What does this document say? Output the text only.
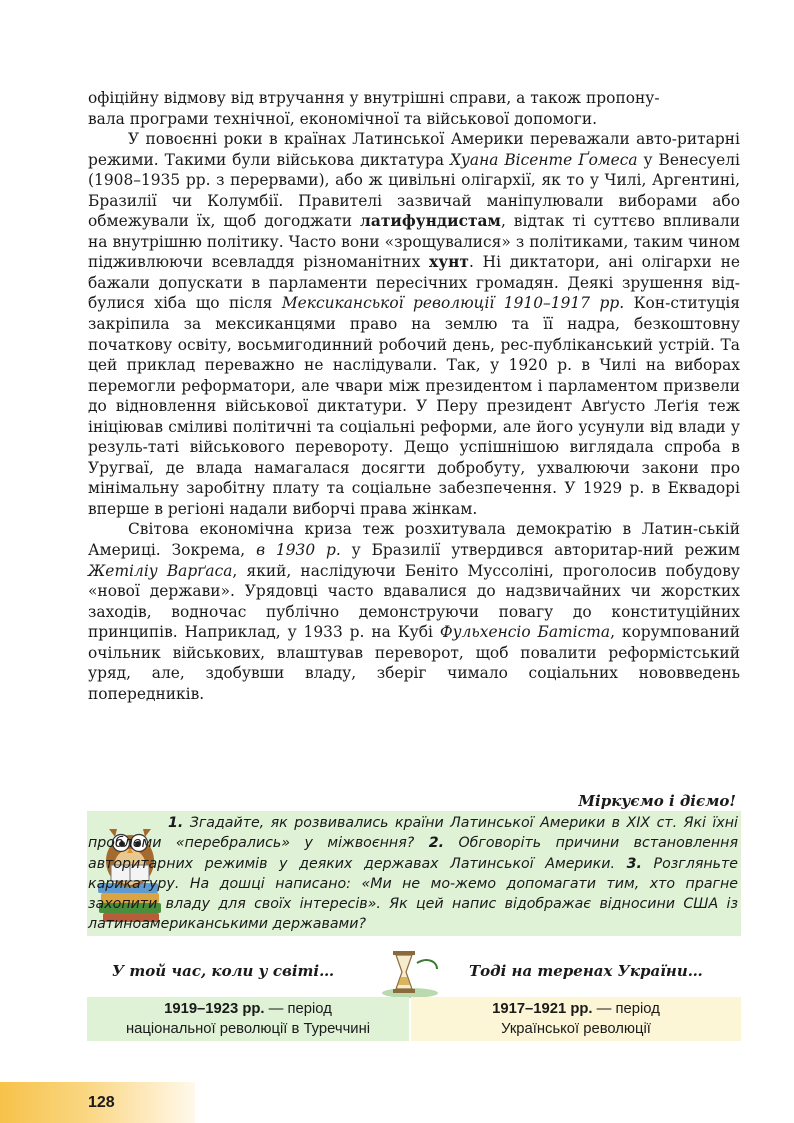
офіційну відмову від втручання у внутрішні справи, а також пропону-
вала програми технічної, економічної та військової допомоги.

У повоєнні роки в країнах Латинської Америки переважали авто-ритарні режими. Такими були військова диктатура Хуана Вісенте Ґомеса у Венесуелі (1908–1935 рр. з перервами), або ж цивільні олігархії, як то у Чилі, Аргентині, Бразилії чи Колумбії. Правителі зазвичай маніпулювали виборами або обмежували їх, щоб догоджати латифундистам, відтак ті суттєво впливали на внутрішню політику. Часто вони «зрощувалися» з політиками, таким чином підживлюючи всевладдя різноманітних хунт. Ні диктатори, ані олігархи не бажали допускати в парламенти пересічних громадян. Деякі зрушення від-булися хіба що після Мексиканської революції 1910–1917 рр. Кон-ституція закріпила за мексиканцями право на землю та її надра, безкоштовну початкову освіту, восьмигодинний робочий день, рес-публіканський устрій. Та цей приклад переважно не наслідували. Так, у 1920 р. в Чилі на виборах перемогли реформатори, але чвари між президентом і парламентом призвели до відновлення військової диктатури. У Перу президент Авґусто Леґія теж ініціював сміливі політичні та соціальні реформи, але його усунули від влади у резуль-таті військового перевороту. Дещо успішнішою виглядала спроба в Уругваї, де влада намагалася досягти добробуту, ухвалюючи закони про мінімальну заробітну плату та соціальне забезпечення. У 1929 р. в Еквадорі вперше в регіоні надали виборчі права жінкам.

Світова економічна криза теж розхитувала демократію в Латин-ській Америці. Зокрема, в 1930 р. у Бразилії утвердився авторитар-ний режим Жетіліу Варґаса, який, наслідуючи Беніто Муссоліні, проголосив побудову «нової держави». Урядовці часто вдавалися до надзвичайних чи жорстких заходів, водночас публічно демонструючи повагу до конституційних принципів. Наприклад, у 1933 р. на Кубі Фульхенсіо Батіста, корумпований очільник військових, влаштував переворот, щоб повалити реформістський уряд, але, здобувши владу, зберіг чимало соціальних нововведень попередників.

Міркуємо і діємо!
1. Згадайте, як розвивались країни Латинської Америки в XIX ст. Які їхні проблеми «перебрались» у міжвоєння? 2. Обговоріть причини встановлення авторитарних режимів у деяких державах Латинської Америки. 3. Розгляньте карикатуру. На дошці написано: «Ми не мо-жемо допомагати тим, хто прагне захопити владу для своїх інтересів». Як цей напис відображає відносини США із латиноамериканськими державами?
У той час, коли у світі…	Тоді на теренах України…
1919–1923 рр. — період
національної революції в Туреччині
1917–1921 рр. — період
Української революції
128
